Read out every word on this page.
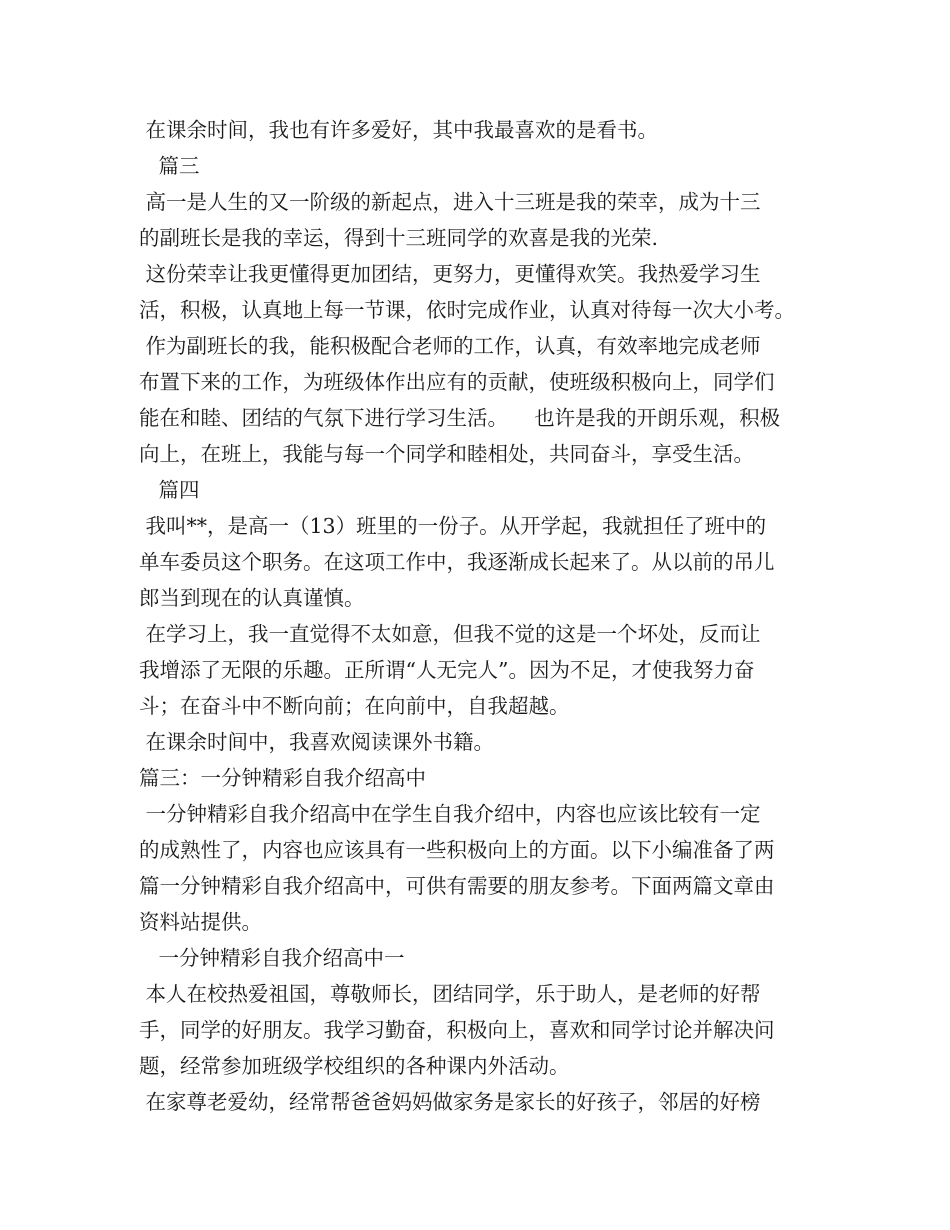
在课余时间，我也有许多爱好，其中我最喜欢的是看书。
篇三
高一是人生的又一阶级的新起点，进入十三班是我的荣幸，成为十三
的副班长是我的幸运，得到十三班同学的欢喜是我的光荣.
这份荣幸让我更懂得更加团结，更努力，更懂得欢笑。我热爱学习生
活，积极，认真地上每一节课，依时完成作业，认真对待每一次大小考。
作为副班长的我，能积极配合老师的工作，认真，有效率地完成老师
布置下来的工作，为班级体作出应有的贡献，使班级积极向上，同学们
能在和睦、团结的气氛下进行学习生活。    也许是我的开朗乐观，积极
向上，在班上，我能与每一个同学和睦相处，共同奋斗，享受生活。
篇四
我叫**，是高一（13）班里的一份子。从开学起，我就担任了班中的
单车委员这个职务。在这项工作中，我逐渐成长起来了。从以前的吊儿
郎当到现在的认真谨慎。
在学习上，我一直觉得不太如意，但我不觉的这是一个坏处，反而让
我增添了无限的乐趣。正所谓“人无完人”。因为不足，才使我努力奋
斗；在奋斗中不断向前；在向前中，自我超越。
在课余时间中，我喜欢阅读课外书籍。
篇三：一分钟精彩自我介绍高中
一分钟精彩自我介绍高中在学生自我介绍中，内容也应该比较有一定
的成熟性了，内容也应该具有一些积极向上的方面。以下小编准备了两
篇一分钟精彩自我介绍高中，可供有需要的朋友参考。下面两篇文章由
资料站提供。
一分钟精彩自我介绍高中一
本人在校热爱祖国，尊敬师长，团结同学，乐于助人，是老师的好帮
手，同学的好朋友。我学习勤奋，积极向上，喜欢和同学讨论并解决问
题，经常参加班级学校组织的各种课内外活动。
在家尊老爱幼，经常帮爸爸妈妈做家务是家长的好孩子，邻居的好榜
